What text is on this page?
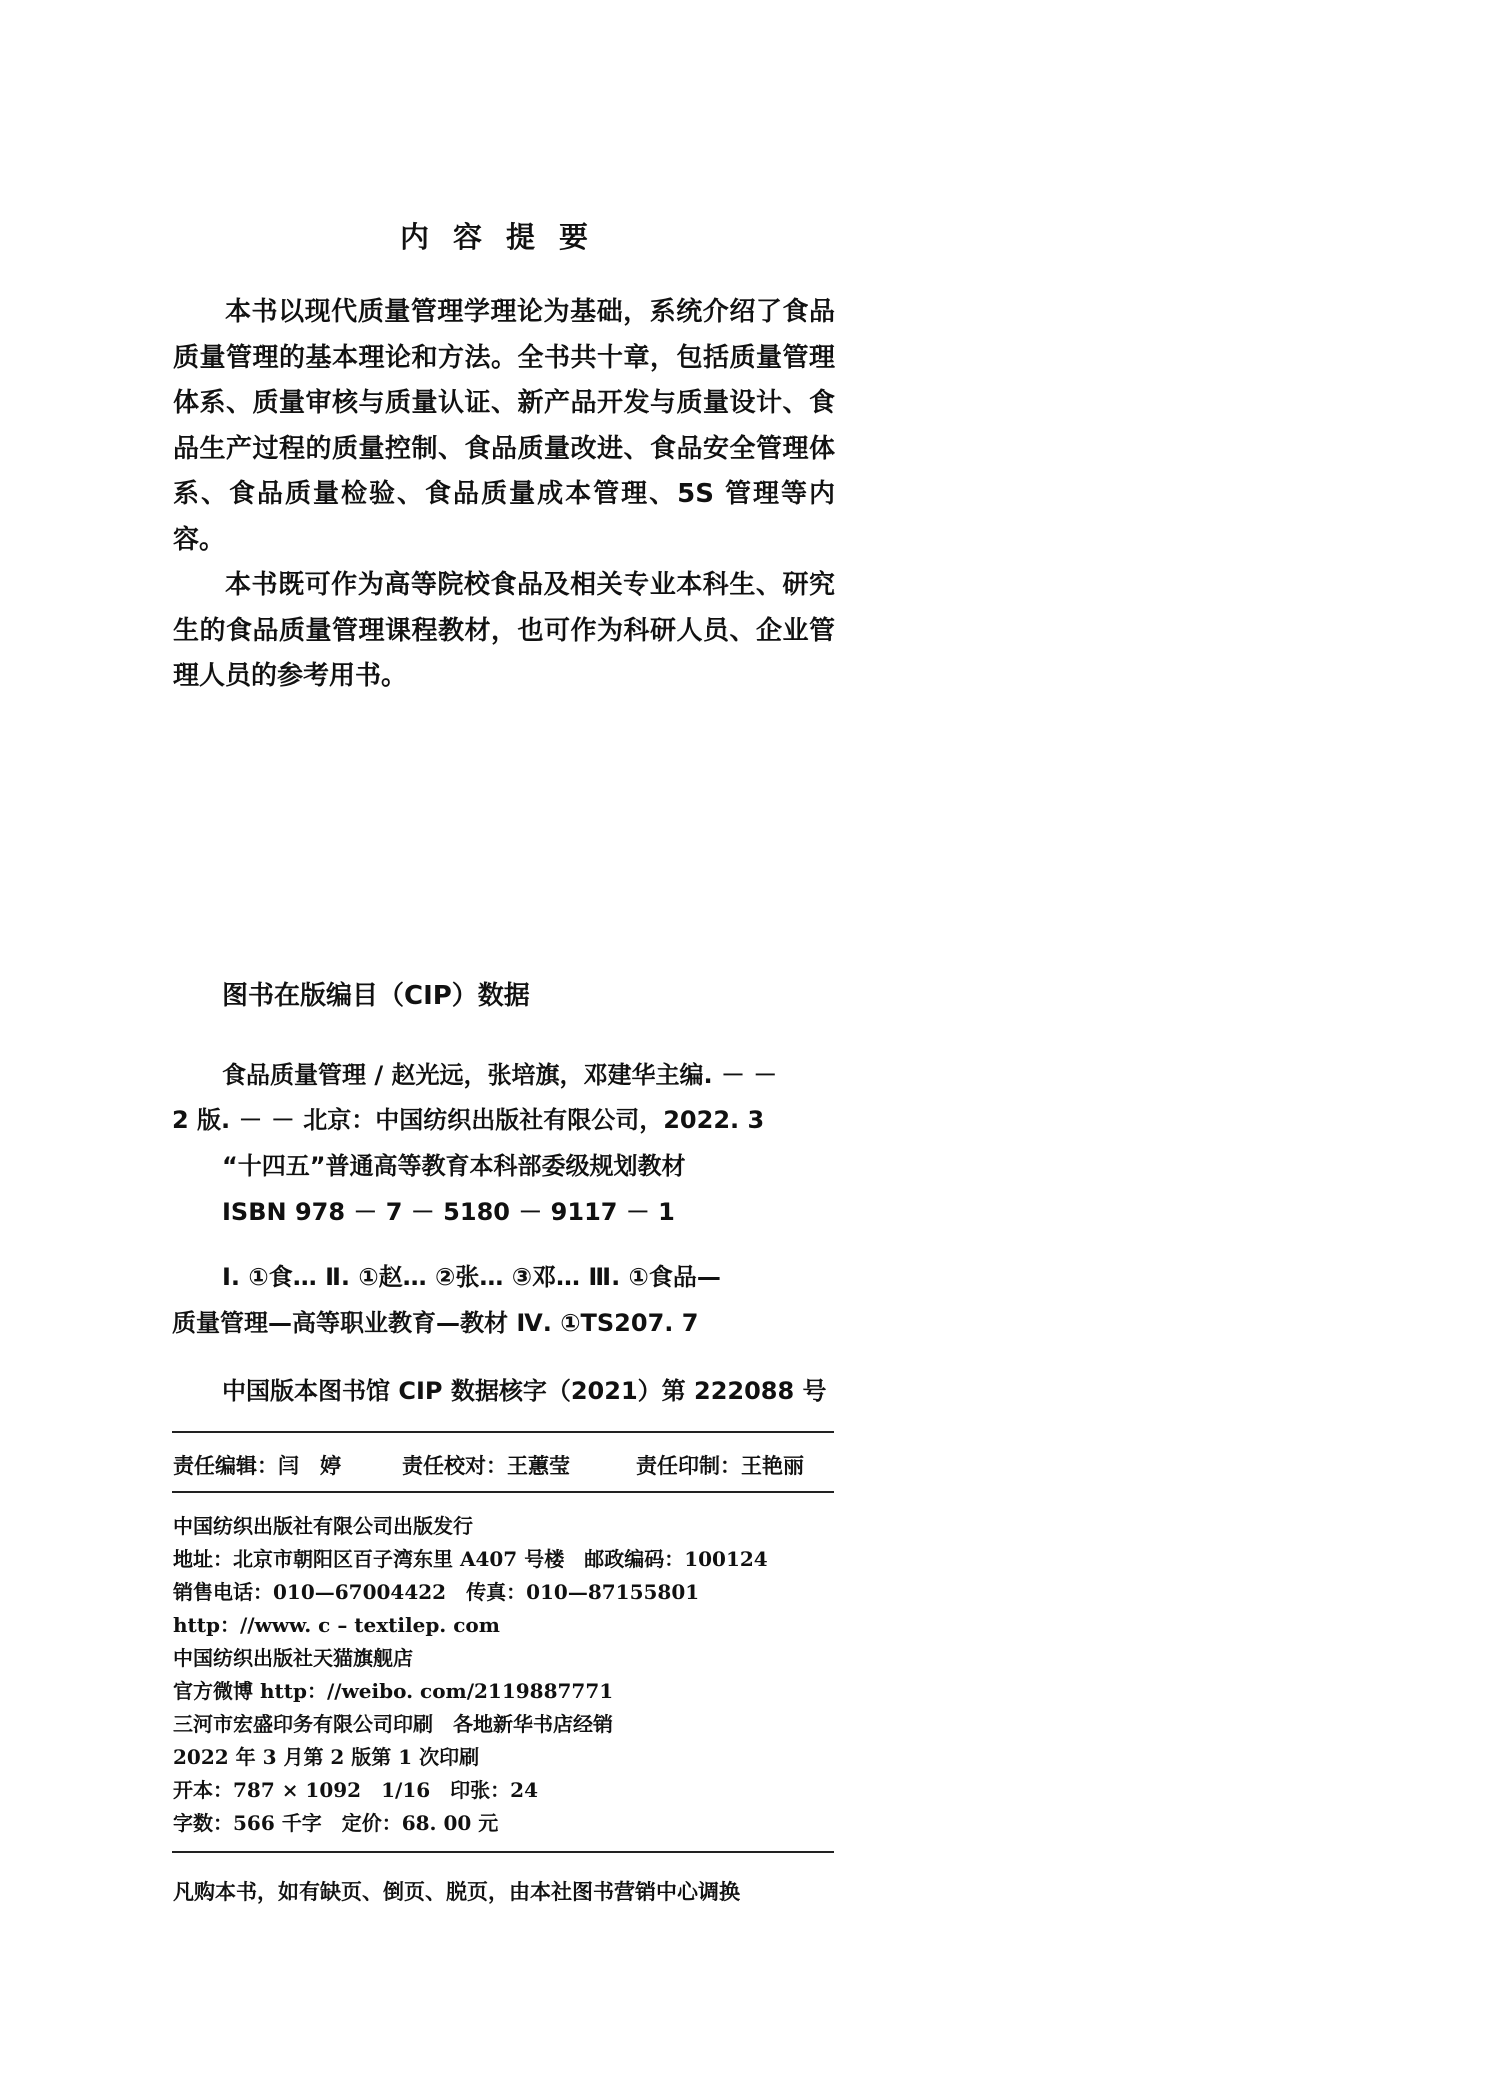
内容提要

本书以现代质量管理学理论为基础，系统介绍了食品质量管理的基本理论和方法。全书共十章，包括质量管理体系、质量审核与质量认证、新产品开发与质量设计、食品生产过程的质量控制、食品质量改进、食品安全管理体系、食品质量检验、食品质量成本管理、5S 管理等内容。

本书既可作为高等院校食品及相关专业本科生、研究生的食品质量管理课程教材，也可作为科研人员、企业管理人员的参考用书。

图书在版编目（CIP）数据
食品质量管理 / 赵光远，张培旗，邓建华主编. － －
2 版. － － 北京：中国纺织出版社有限公司，2022. 3
“十四五”普通高等教育本科部委级规划教材
ISBN 978 － 7 － 5180 － 9117 － 1
Ⅰ. ①食… Ⅱ. ①赵… ②张… ③邓… Ⅲ. ①食品—
质量管理—高等职业教育—教材 Ⅳ. ①TS207. 7
中国版本图书馆 CIP 数据核字（2021）第 222088 号
责任编辑：闫　婷	责任校对：王蕙莹	责任印制：王艳丽
中国纺织出版社有限公司出版发行
地址：北京市朝阳区百子湾东里 A407 号楼　邮政编码：100124
销售电话：010—67004422　传真：010—87155801
http：//www. c – textilep. com
中国纺织出版社天猫旗舰店
官方微博 http：//weibo. com/2119887771
三河市宏盛印务有限公司印刷　各地新华书店经销
2022 年 3 月第 2 版第 1 次印刷
开本：787 × 1092　1/16　印张：24
字数：566 千字　定价：68. 00 元
凡购本书，如有缺页、倒页、脱页，由本社图书营销中心调换
